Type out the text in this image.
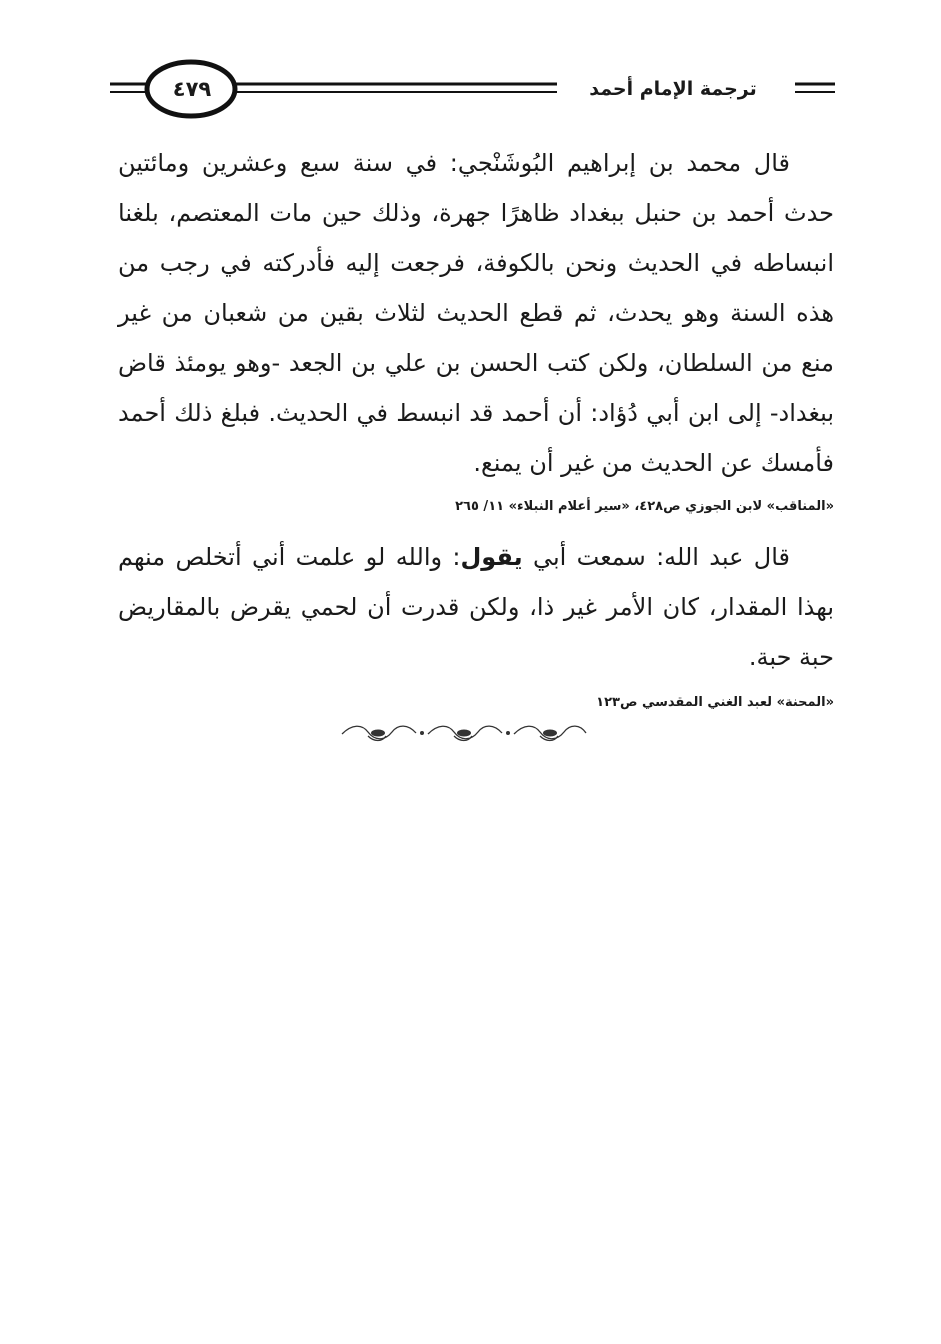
٤٧٩	ترجمة الإمام أحمد

قال محمد بن إبراهيم البُوشَنْجي: في سنة سبع وعشرين ومائتين حدث أحمد بن حنبل ببغداد ظاهرًا جهرة، وذلك حين مات المعتصم، بلغنا انبساطه في الحديث ونحن بالكوفة، فرجعت إليه فأدركته في رجب من هذه السنة وهو يحدث، ثم قطع الحديث لثلاث بقين من شعبان من غير منع من السلطان، ولكن كتب الحسن بن علي بن الجعد -وهو يومئذ قاض ببغداد- إلى ابن أبي دُؤاد: أن أحمد قد انبسط في الحديث. فبلغ ذلك أحمد فأمسك عن الحديث من غير أن يمنع.

«المناقب» لابن الجوزي ص٤٢٨، «سير أعلام النبلاء» ١١/ ٢٦٥

قال عبد الله: سمعت أبي يقول: والله لو علمت أني أتخلص منهم بهذا المقدار، كان الأمر غير ذا، ولكن قدرت أن لحمي يقرض بالمقاريض حبة حبة.

«المحنة» لعبد الغني المقدسي ص١٢٣
